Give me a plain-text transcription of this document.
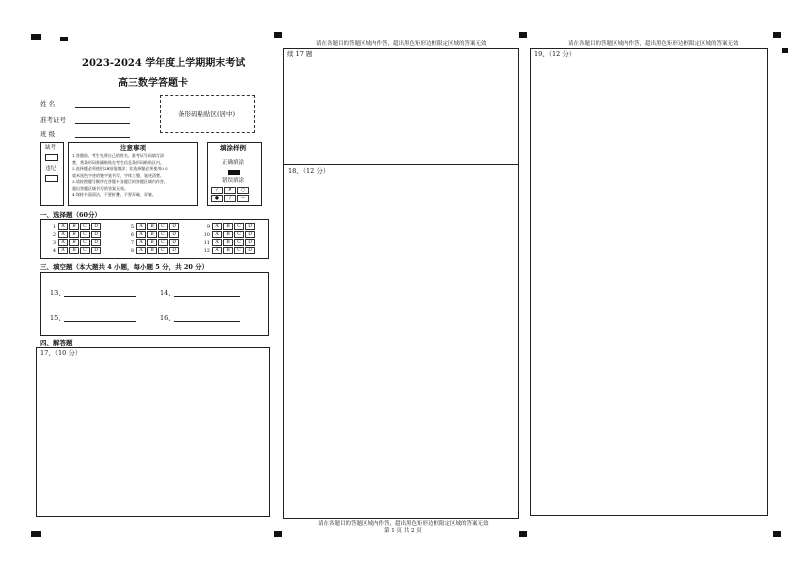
2023-2024 学年度上学期期末考试
高三数学答题卡
姓 名
准考证号
班 级
条形码粘贴区(居中)
缺考
违纪
注意事项
1.答题前，考生先将自己的姓名、准考证号码填写清
楚，将条形码准确粘贴在考生信息条形码粘贴区内。
2.选择题必须使用2B铅笔填涂；非选择题必须使用0.5
毫米黑色字迹的签字笔书写，字体工整、笔迹清楚。
3.请按照题号顺序在答题卡各题目的答题区域内作答，
超出答题区域书写的答案无效。
4.保持卡面清洁，不要折叠，不要弄破、弄皱。
填涂样例
正确填涂
错误填涂
✓ ✗ ○
● / —
一、选择题（60分）
1 A B C D
2 A B C D
3 A B C D
4 A B C D
5 A B C D
6 A B C D
7 A B C D
8 A B C D
9 A B C D
10 A B C D
11 A B C D
12 A B C D
三、填空题（本大题共 4 小题，每小题 5 分，共 20 分）
13、	14、
15、	16、
四、解答题
17、（10 分）
请在各题目的答题区域内作答，超出黑色矩形边框限定区域的答案无效
续 17 题
18、（12 分）
请在各题目的答题区域内作答，超出黑色矩形边框限定区域的答案无效
第 1 页 共 2 页
请在各题目的答题区域内作答，超出黑色矩形边框限定区域的答案无效
19、（12 分）
